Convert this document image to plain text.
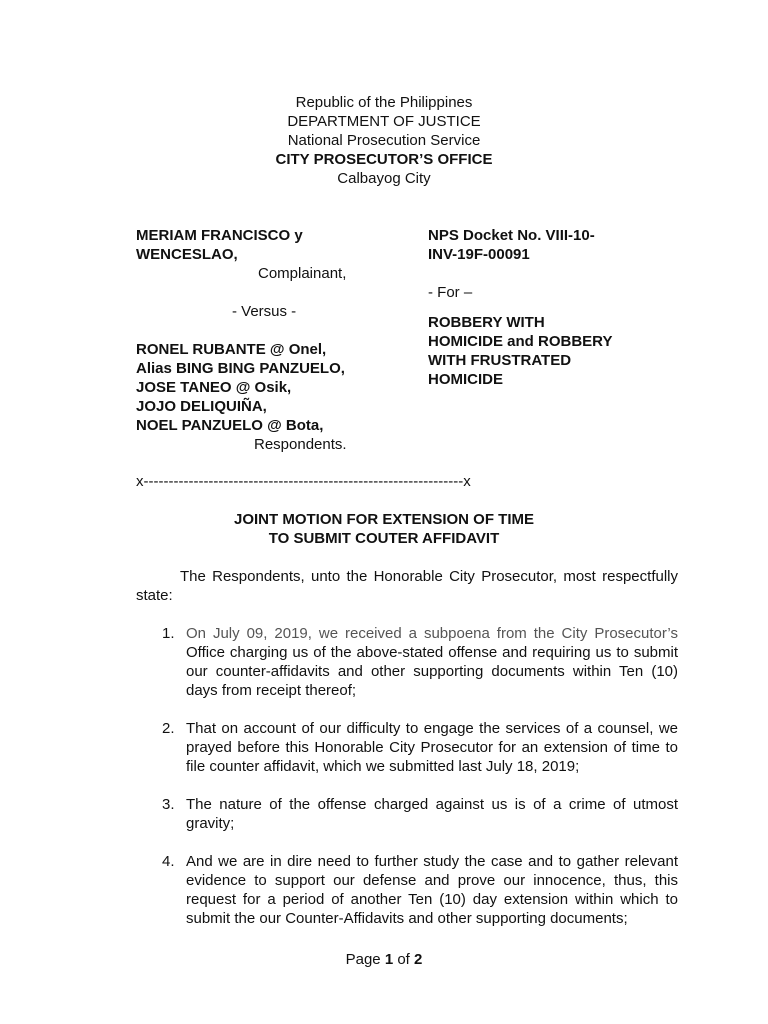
Republic of the Philippines
DEPARTMENT OF JUSTICE
National Prosecution Service
CITY PROSECUTOR’S OFFICE
Calbayog City
MERIAM FRANCISCO y
WENCESLAO,
Complainant,
- Versus -
RONEL RUBANTE @ Onel,
Alias BING BING PANZUELO,
JOSE TANEO @ Osik,
JOJO DELIQUIÑA,
NOEL PANZUELO @ Bota,
Respondents.
NPS Docket No. VIII-10-
INV-19F-00091
- For –
ROBBERY WITH
HOMICIDE and ROBBERY
WITH FRUSTRATED
HOMICIDE
x----------------------------------------------------------------x
JOINT MOTION FOR EXTENSION OF TIME
TO SUBMIT COUTER AFFIDAVIT

The Respondents, unto the Honorable City Prosecutor, most respectfully state:

1. On July 09, 2019, we received a subpoena from the City Prosecutor’s Office charging us of the above-stated offense and requiring us to submit our counter-affidavits and other supporting documents within Ten (10) days from receipt thereof;

2. That on account of our difficulty to engage the services of a counsel, we prayed before this Honorable City Prosecutor for an extension of time to file counter affidavit, which we submitted last July 18, 2019;

3. The nature of the offense charged against us is of a crime of utmost gravity;

4. And we are in dire need to further study the case and to gather relevant evidence to support our defense and prove our innocence, thus, this request for a period of another Ten (10) day extension within which to submit the our Counter-Affidavits and other supporting documents;

Page 1 of 2
